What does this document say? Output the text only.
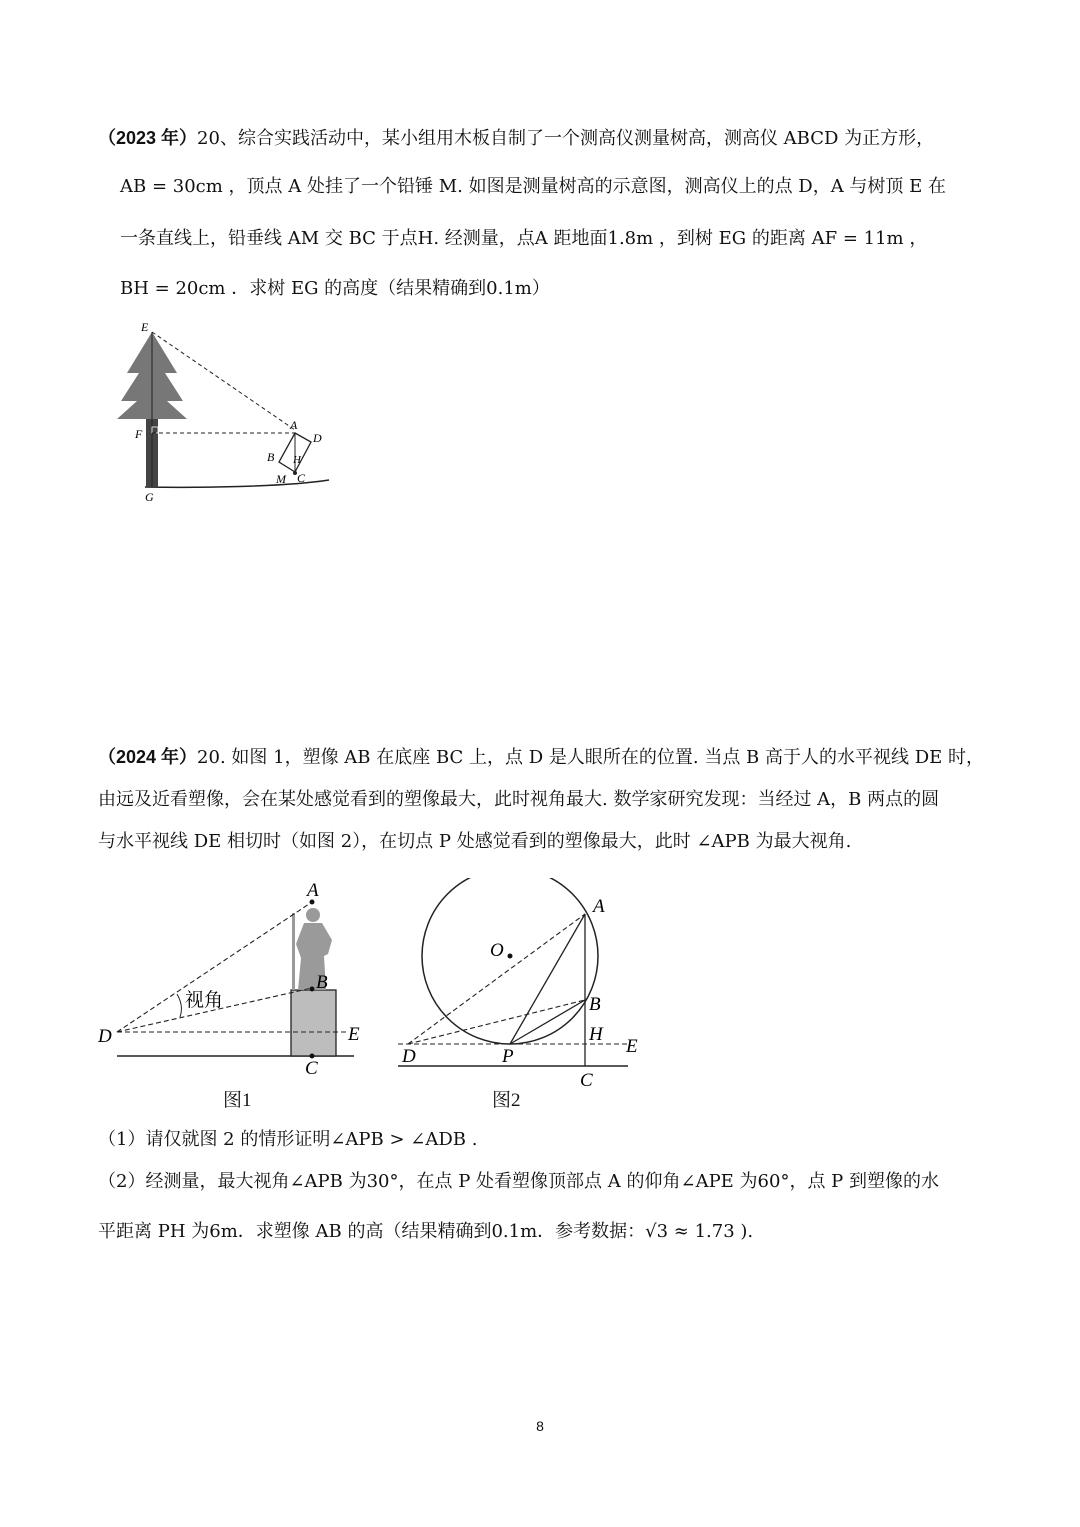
（2023 年）20、综合实践活动中，某小组用木板自制了一个测高仪测量树高，测高仪 ABCD 为正方形，
AB = 30cm ，顶点 A 处挂了一个铅锤 M. 如图是测量树高的示意图，测高仪上的点 D，A 与树顶 E 在
一条直线上，铅垂线 AM 交 BC 于点H. 经测量，点A 距地面1.8m ，到树 EG 的距离 AF = 11m ，
BH = 20cm ．求树 EG 的高度（结果精确到0.1m）
E
F
G
A
D
B H
M C
（2024 年）20. 如图 1，塑像 AB 在底座 BC 上，点 D 是人眼所在的位置. 当点 B 高于人的水平视线 DE 时，
由远及近看塑像，会在某处感觉看到的塑像最大，此时视角最大. 数学家研究发现：当经过 A，B 两点的圆
与水平视线 DE 相切时（如图 2），在切点 P 处感觉看到的塑像最大，此时 ∠APB 为最大视角.
A
B
C
D	E
视角
图1
A
O
B
H
D	P	E
C
图2
（1）请仅就图 2 的情形证明∠APB > ∠ADB .
（2）经测量，最大视角∠APB 为30°，在点 P 处看塑像顶部点 A 的仰角∠APE 为60°，点 P 到塑像的水
平距离 PH 为6m．求塑像 AB 的高（结果精确到0.1m．参考数据：√3 ≈ 1.73 ).
8
